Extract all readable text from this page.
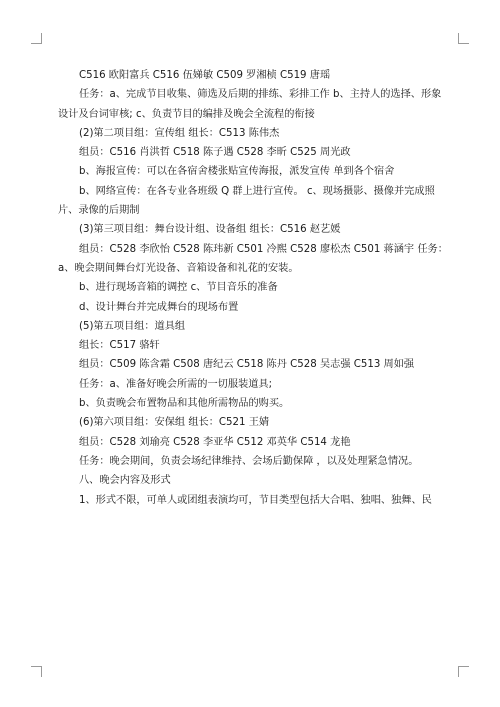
C516 欧阳富兵 C516 伍娣敏 C509 罗湘桢 C519 唐瑶

任务：a、完成节目收集、筛选及后期的排练、彩排工作 b、主持人的选择、形象设计及台词审核; c、负责节目的编排及晚会全流程的衔接

(2)第二项目组：宣传组 组长：C513 陈伟杰

组员：C516 肖洪哲 C518 陈子遇 C528 李昕 C525 周光政

b、海报宣传：可以在各宿舍楼张贴宣传海报，派发宣传 单到各个宿舍

b、网络宣传：在各专业各班级 Q 群上进行宣传。 c、现场摄影、摄像并完成照片、录像的后期制

(3)第三项目组：舞台设计组、设备组 组长：C516 赵艺媛

组员：C528 李欣怡 C528 陈玮新 C501 冷熙 C528 廖松杰 C501 蒋涵宇 任务：a、晚会期间舞台灯光设备、音箱设备和礼花的安装。

b、进行现场音箱的调控 c、节目音乐的准备

d、设计舞台并完成舞台的现场布置

(5)第五项目组：道具组

组长：C517 骆轩

组员：C509 陈含霜 C508 唐纪云 C518 陈丹 C528 吴志强 C513 周如强

任务：a、准备好晚会所需的一切服装道具;

b、负责晚会布置物品和其他所需物品的购买。

(6)第六项目组：安保组 组长：C521 王婧

组员：C528 刘瑜亮 C528 李亚华 C512 邓英华 C514 龙艳

任务：晚会期间，负责会场纪律维持、会场后勤保障 ，以及处理紧急情况。

八、晚会内容及形式

1、形式不限，可单人或团组表演均可，节目类型包括大合唱、独唱、独舞、民
